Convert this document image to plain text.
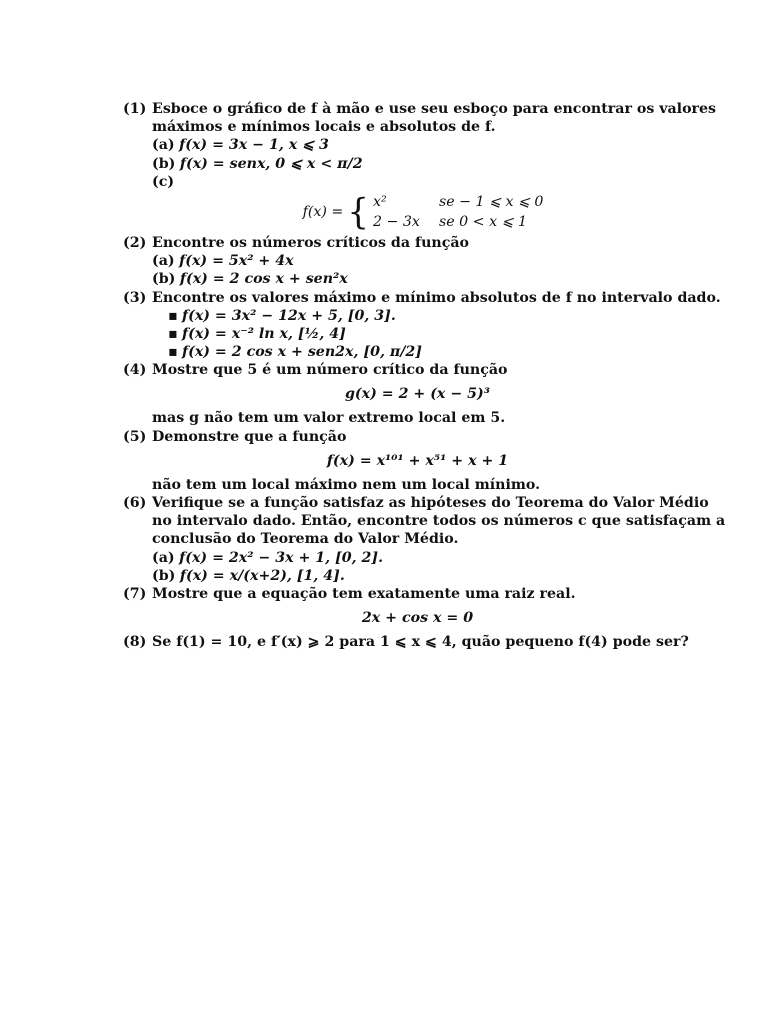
(1) Esboce o gráfico de f à mão e use seu esboço para encontrar os valores
máximos e mínimos locais e absolutos de f.
(a) f(x) = 3x − 1, x ⩽ 3
(b) f(x) = senx, 0 ⩽ x < π/2
(c)
f(x) = { x²	se − 1 ⩽ x ⩽ 0
2 − 3x	se 0 < x ⩽ 1
(2) Encontre os números críticos da função
(a) f(x) = 5x² + 4x
(b) f(x) = 2 cos x + sen²x
(3) Encontre os valores máximo e mínimo absolutos de f no intervalo dado.
▪ f(x) = 3x² − 12x + 5, [0, 3].
▪ f(x) = x⁻² ln x, [½, 4]
▪ f(x) = 2 cos x + sen2x, [0, π/2]
(4) Mostre que 5 é um número crítico da função
g(x) = 2 + (x − 5)³
mas g não tem um valor extremo local em 5.
(5) Demonstre que a função
f(x) = x¹⁰¹ + x⁵¹ + x + 1
não tem um local máximo nem um local mínimo.
(6) Verifique se a função satisfaz as hipóteses do Teorema do Valor Médio
no intervalo dado. Então, encontre todos os números c que satisfaçam a
conclusão do Teorema do Valor Médio.
(a) f(x) = 2x² − 3x + 1, [0, 2].
(b) f(x) = x/(x+2), [1, 4].
(7) Mostre que a equação tem exatamente uma raiz real.
2x + cos x = 0
(8) Se f(1) = 10, e f′(x) ⩾ 2 para 1 ⩽ x ⩽ 4, quão pequeno f(4) pode ser?
